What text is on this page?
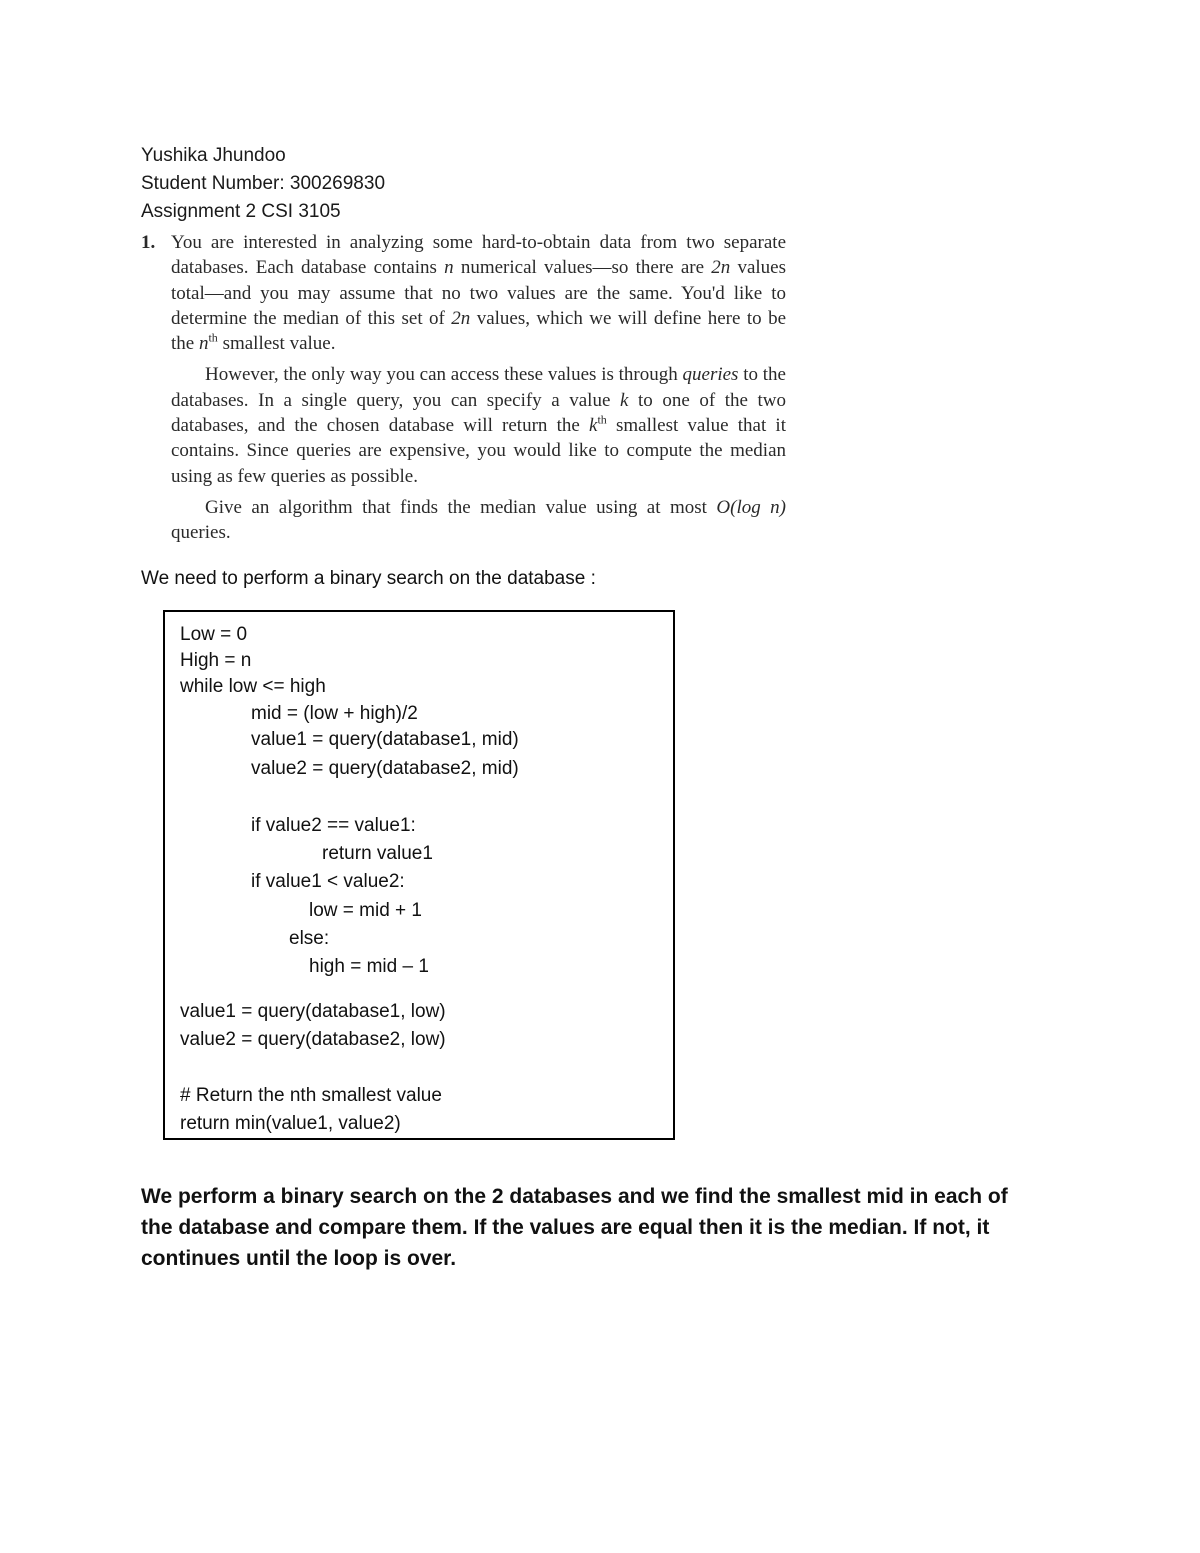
Yushika Jhundoo
Student Number: 300269830
Assignment 2 CSI 3105
1. You are interested in analyzing some hard-to-obtain data from two separate databases. Each database contains n numerical values—so there are 2n values total—and you may assume that no two values are the same. You'd like to determine the median of this set of 2n values, which we will define here to be the $n^{th}$ smallest value.

However, the only way you can access these values is through queries to the databases. In a single query, you can specify a value k to one of the two databases, and the chosen database will return the $k^{th}$ smallest value that it contains. Since queries are expensive, you would like to compute the median using as few queries as possible.

Give an algorithm that finds the median value using at most O(log n) queries.

We need to perform a binary search on the database :
Low = 0
High = n
while low <= high
mid = (low + high)/2
value1 = query(database1, mid)
value2 = query(database2, mid)
if value2 == value1:
return value1
if value1 < value2:
low = mid + 1
else:
high = mid – 1
value1 = query(database1, low)
value2 = query(database2, low)
# Return the nth smallest value
return min(value1, value2)

We perform a binary search on the 2 databases and we find the smallest mid in each of the database and compare them. If the values are equal then it is the median. If not, it continues until the loop is over.
